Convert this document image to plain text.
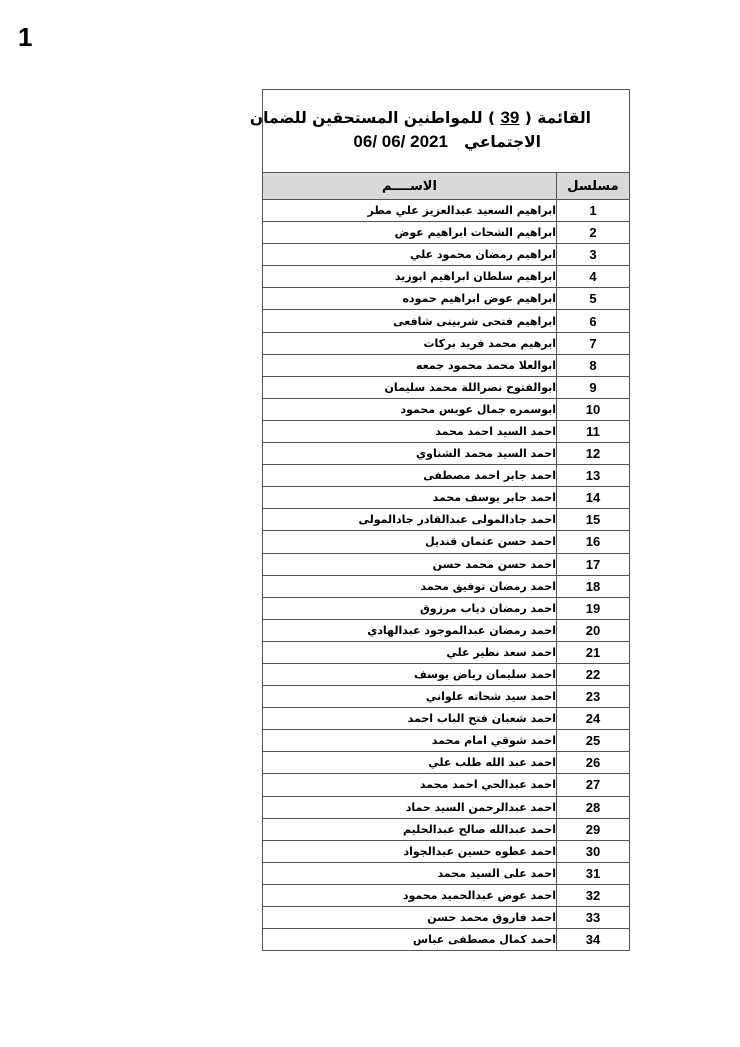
1
القائمة ( 39 ) للمواطنين المستحقين للضمان
الاجتماعي   06/ 06/ 2021
مسلسل	الاســــم
1	ابراهيم السعيد عبدالعزيز علي مطر
2	ابراهيم الشحات ابراهيم عوض
3	ابراهيم رمضان محمود علي
4	ابراهيم سلطان ابراهيم ابوزيد
5	ابراهيم عوض ابراهيم حموده
6	ابراهيم فتحى شربينى شافعى
7	ابرهيم محمد فريد بركات
8	ابوالعلا محمد محمود جمعه
9	ابوالفتوح نصراللة محمد سليمان
10	ابوسمره جمال عويس محمود
11	احمد السيد احمد محمد
12	احمد السيد محمد الشناوي
13	احمد جابر احمد مصطفى
14	احمد جابر يوسف محمد
15	احمد جادالمولى عبدالقادر جادالمولى
16	احمد حسن عثمان قنديل
17	احمد حسن محمد حسن
18	احمد رمضان توفيق محمد
19	احمد رمضان دياب مرزوق
20	احمد رمضان عبدالموجود عبدالهادي
21	احمد سعد نظير علي
22	احمد سليمان رياض يوسف
23	احمد سيد شحاته علواني
24	احمد شعبان فتح الباب احمد
25	احمد شوقي امام محمد
26	احمد عبد الله طلب علي
27	احمد عبدالحي احمد محمد
28	احمد عبدالرحمن السيد حماد
29	احمد عبدالله صالح عبدالحليم
30	احمد عطوه حسين عبدالجواد
31	احمد على السيد محمد
32	احمد عوض عبدالحميد محمود
33	احمد فاروق محمد حسن
34	احمد كمال مصطفى عباس
